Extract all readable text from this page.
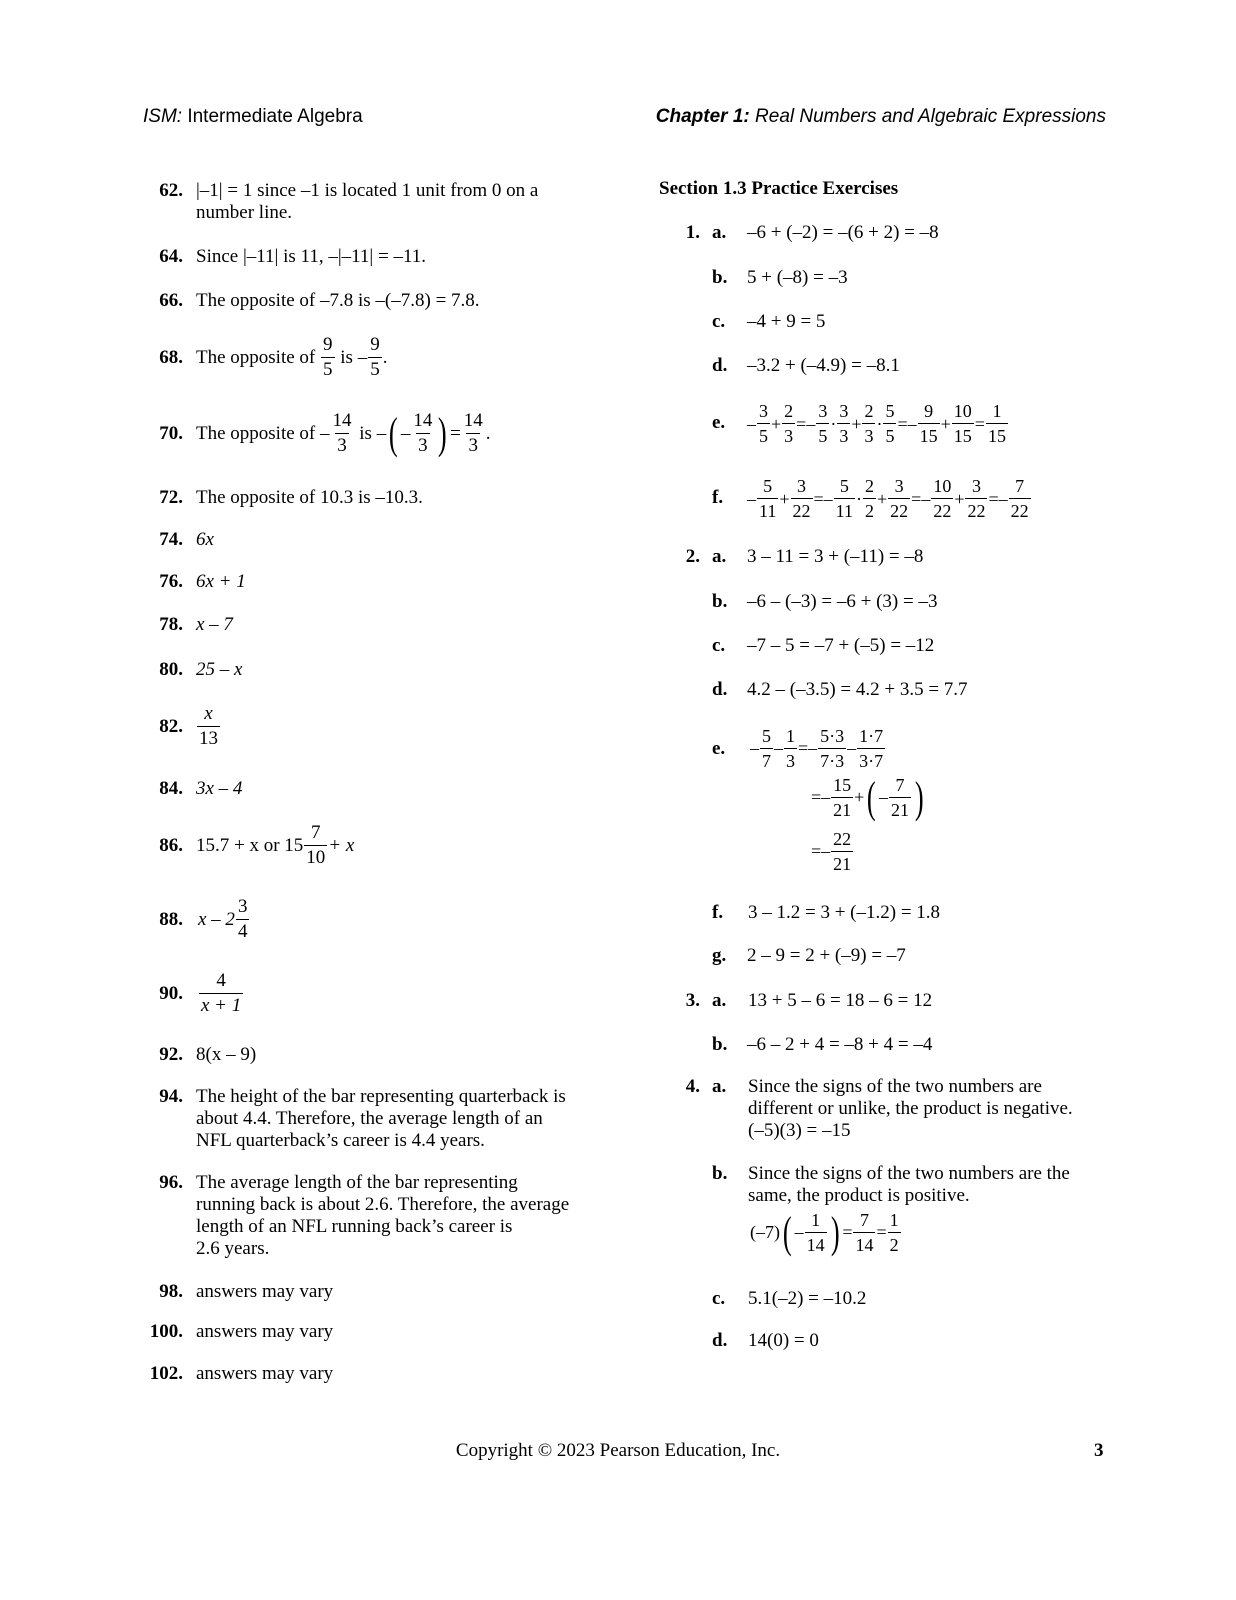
ISM: Intermediate Algebra	Chapter 1: Real Numbers and Algebraic Expressions
62. |–1| = 1 since –1 is located 1 unit from 0 on a
number line.
64. Since |–11| is 11, –|–11| = –11.
66. The opposite of –7.8 is –(–7.8) = 7.8.
68. The opposite of
$\frac{9}{5}$
is – $\frac{9}{5}$ .
70. The opposite of – $\frac{14}{3}$
is – ( – $\frac{14}{3}$ ) = $\frac{14}{3}$ .
72. The opposite of 10.3 is –10.3.
74. 6x
76. 6x + 1
78. x – 7
80. 25 – x
82. $\frac{x}{13}$
84. 3x – 4
86. 15.7 + x or $15 \frac{7}{10} + x$
88. x – $2 \frac{3}{4}$
90. $\frac{4}{x + 1}$
92. 8(x – 9)
94. The height of the bar representing quarterback is
about 4.4. Therefore, the average length of an
NFL quarterback’s career is 4.4 years.
96. The average length of the bar representing
running back is about 2.6. Therefore, the average
length of an NFL running back’s career is
2.6 years.
98. answers may vary
100. answers may vary
102. answers may vary
Section 1.3 Practice Exercises
1. a. –6 + (–2) = –(6 + 2) = –8
b. 5 + (–8) = –3
c. –4 + 9 = 5
d. –3.2 + (–4.9) = –8.1
e. – $\frac{3}{5} + \frac{2}{3}$ = – $\frac{3}{5} \cdot \frac{3}{3} + \frac{2}{3} \cdot \frac{5}{5}$ = – $\frac{9}{15} + \frac{10}{15} = \frac{1}{15}$
f. – $\frac{5}{11} + \frac{3}{22}$ = – $\frac{5}{11} \cdot \frac{2}{2} + \frac{3}{22}$ = – $\frac{10}{22} + \frac{3}{22}$ = – $\frac{7}{22}$
2. a. 3 – 11 = 3 + (–11) = –8
b. –6 – (–3) = –6 + (3) = –3
c. –7 – 5 = –7 + (–5) = –12
d. 4.2 – (–3.5) = 4.2 + 3.5 = 7.7
e. – $\frac{5}{7} - \frac{1}{3}$ = – $\frac{5\cdot 3}{7\cdot 3} - \frac{1\cdot 7}{3\cdot 7}$
= – $\frac{15}{21}$ + ( – $\frac{7}{21}$ )
= – $\frac{22}{21}$
f. 3 – 1.2 = 3 + (–1.2) = 1.8
g. 2 – 9 = 2 + (–9) = –7
3. a. 13 + 5 – 6 = 18 – 6 = 12
b. –6 – 2 + 4 = –8 + 4 = –4
4. a. Since the signs of the two numbers are
different or unlike, the product is negative.
(–5)(3) = –15
b. Since the signs of the two numbers are the
same, the product is positive.
(–7) ( – $\frac{1}{14}$ ) = $\frac{7}{14} = \frac{1}{2}$
c. 5.1(–2) = –10.2
d. 14(0) = 0
Copyright © 2023 Pearson Education, Inc.	3
